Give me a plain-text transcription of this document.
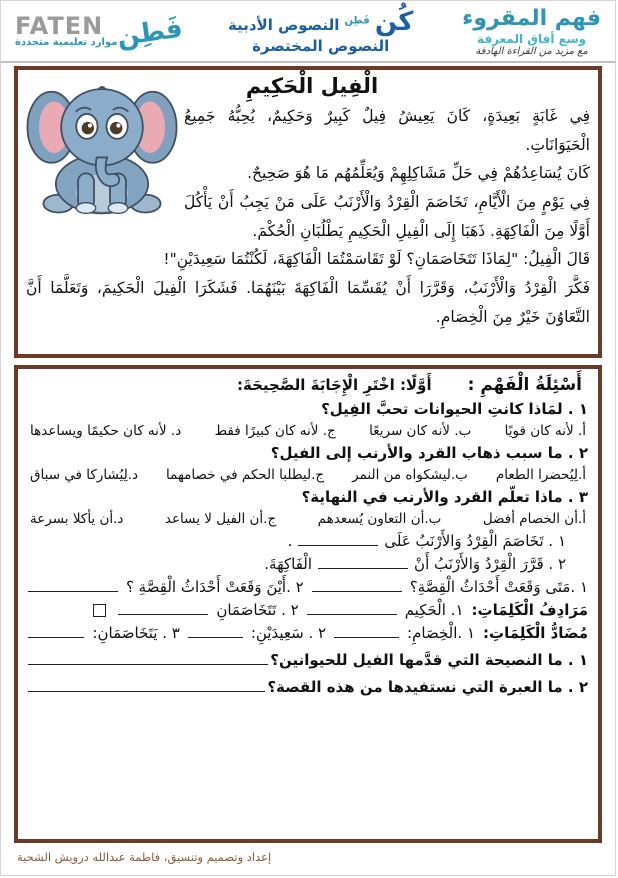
FATEN
موارد تعليمية متجددة
فَطِن	كُن $^{فَطِن}$ النصوص الأدبية
النصوص المختصرة
فهم المقروء
وسع أفاق المعرفة
مع مزيد من القراءة الهادفة
الْفِيل الْحَكِيمِ

فِي غَابَةٍ بَعِيدَةٍ، كَانَ يَعِيشُ فِيلٌ كَبِيرٌ وَحَكِيمٌ، يُحِبُّهُ جَمِيعُ الْحَيَوَانَاتِ.

كَانَ يُسَاعِدُهُمْ فِي حَلِّ مَشَاكِلِهِمْ وَيُعَلِّمُهُم مَا هُوَ صَحِيحٌ.

فِي يَوْمٍ مِنَ الْأَيَّامِ، تَخَاصَمَ الْقِرْدُ وَالْأَرْنَبُ عَلَى مَنْ يَجِبُ أَنْ يَأْكُلَ أَوَّلًا مِنَ الْفَاكِهَةِ. ذَهَبَا إِلَى الْفِيلِ الْحَكِيمِ يَطْلُبَانِ الْحُكْمَ.

قَالَ الْفِيلُ: "لِمَاذَا تَتَخَاصَمَانِ؟ لَوْ تَقَاسَمْتُمَا الْفَاكِهَةَ، لَكُنْتُمَا سَعِيدَيْنِ"!

فَكَّرَ الْقِرْدُ وَالْأَرْنَبُ، وَقَرَّرَا أَنْ يُقَسِّمَا الْفَاكِهَةَ بَيْنَهُمَا. فَشَكَرَا الْفِيلَ الْحَكِيمَ، وَتَعَلَّمَا أَنَّ التَّعَاوُنَ خَيْرٌ مِنَ الْخِصَامِ.

أَسْئِلَةُ الْفَهْمِ :
أَوَّلًا: اخْتَرِ الْإِجَابَةَ الصَّحِيحَةَ:
١ . لمَاذا كانتِ الحيوانات تحبَّ الفِيل؟
أ. لأنه كان قويًا
ب. لأنه كان سريعًا
ج. لأنه كان كبيرًا فقط
د. لأنه كان حكيمًا ويساعدها
٢ . ما سبب ذهاب القرد والأرنب إلى الفيل؟
أ.لِيُحضرا الطعام
ب.ليشكواه من النمر
ج.ليطلبا الحكم في خصامهما
د.لِيُشاركا في سباق
٣ . ماذا تعلّم القرد والأرنب في النهاية؟
أ.أن الخصام أفضل
ب.أن التعاون يُسعدهم
ج.أن الفيل لا يساعد
د.أن يأكلا بسرعة
١ . تَخَاصَمَ الْقِرْدُ وَالأَرْنَبُ عَلَى
.
٢ . قَرَّرَ الْقِرْدُ وَالأَرْنَبُ أَنْ
الْفَاكِهَةَ.
١ .مَتَى وَقَعَتْ أَحْدَاثُ الْقِصَّةِ؟
٢ .أَيْنَ وَقَعَتْ أَحْدَاثُ الْقِصَّةِ ؟
مَرَادِفُ الْكَلِمَاتِ:
١. الْحَكِيم
٢ . تَتَخَاصَمَانِ
مُضَادُّ الْكَلِمَاتِ:
١ .الْخِصَامِ:
٢ . سَعِيدَيْنِ:
٣ . يَتَخَاصَمَانِ:
١ . ما النصيحة التي قدَّمها الفيل للحيوانين؟
٢ . ما العبرة التي نستفيدها من هذه القصة؟
إعداد وتصميم وتنسيق، فاطمة عبدالله درويش الشحية
